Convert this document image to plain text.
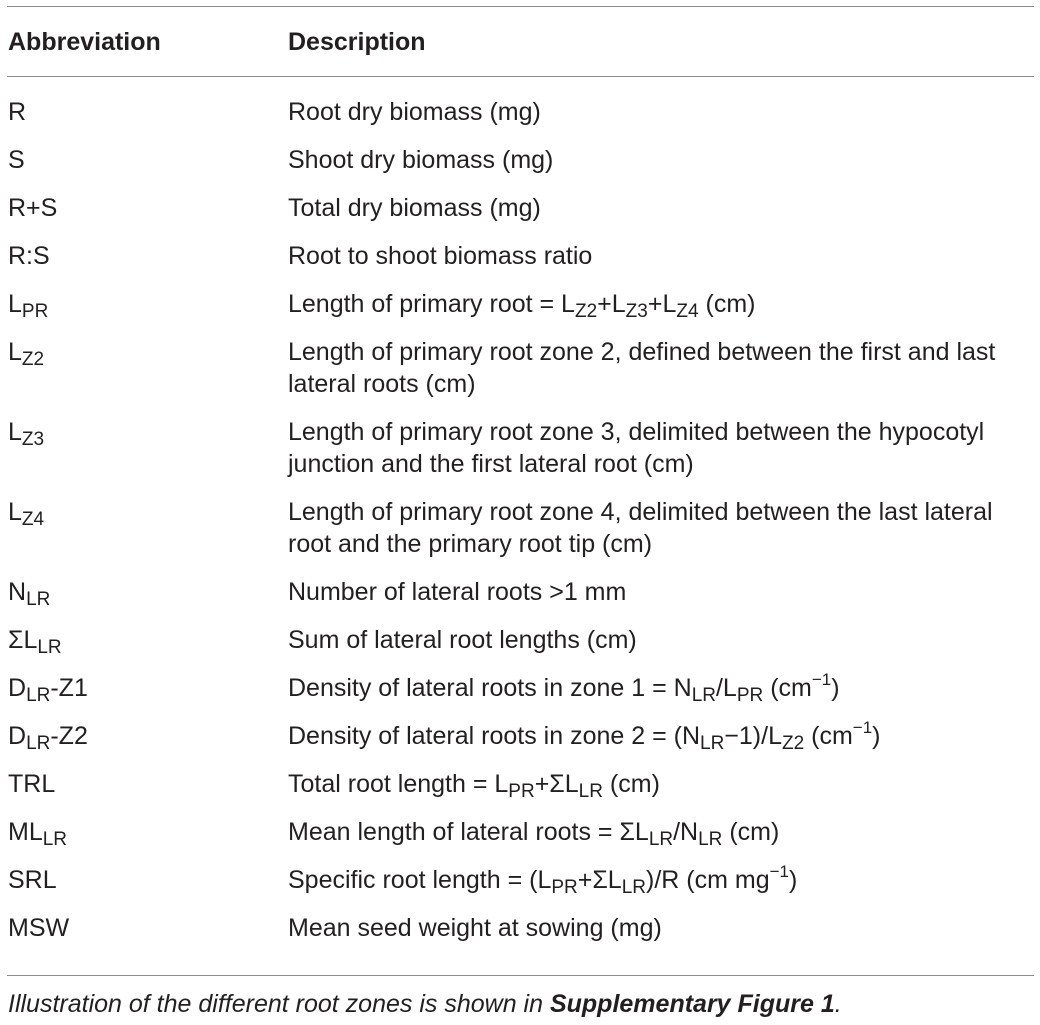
Abbreviation	Description
R	Root dry biomass (mg)
S	Shoot dry biomass (mg)
R+S	Total dry biomass (mg)
R:S	Root to shoot biomass ratio
$L_{PR}$	Length of primary root = $L_{Z2}+L_{Z3}+L_{Z4}$ (cm)
$L_{Z2}$	Length of primary root zone 2, defined between the first and last lateral roots (cm)
$L_{Z3}$	Length of primary root zone 3, delimited between the hypocotyl junction and the first lateral root (cm)
$L_{Z4}$	Length of primary root zone 4, delimited between the last lateral root and the primary root tip (cm)
$N_{LR}$	Number of lateral roots >1 mm
$\Sigma L_{LR}$	Sum of lateral root lengths (cm)
$D_{LR}-Z1$	Density of lateral roots in zone $1 = N_{LR}/L_{PR}$ $(cm^{-1})$
$D_{LR}-Z2$	Density of lateral roots in zone $2 = (N_{LR}-1)/L_{Z2}$ $(cm^{-1})$
TRL	Total root length = $L_{PR}+\Sigma L_{LR}$ (cm)
$ML_{LR}$	Mean length of lateral roots = $\Sigma L_{LR}/N_{LR}$ (cm)
SRL	Specific root length = $(L_{PR}+\Sigma L_{LR})/R$ (cm $mg^{-1}$)
MSW	Mean seed weight at sowing (mg)
Illustration of the different root zones is shown in Supplementary Figure 1.
